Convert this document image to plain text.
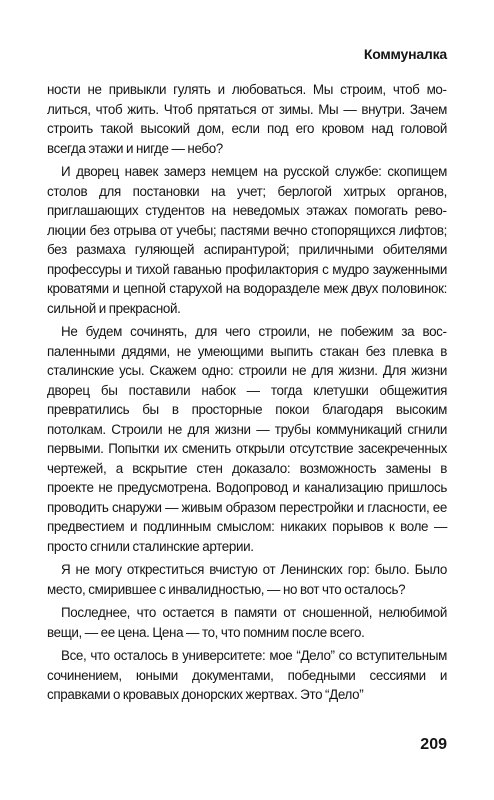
Коммуналка

ности не привыкли гулять и любоваться. Мы строим, чтоб молиться, чтоб жить. Чтоб прятаться от зимы. Мы — внутри. Зачем строить такой высокий дом, если под его кровом над головой всегда этажи и нигде — небо?

И дворец навек замерз немцем на русской службе: скопищем столов для постановки на учет; берлогой хитрых органов, приглашающих студентов на неведомых этажах помогать революции без отрыва от учебы; пастями вечно стопорящихся лифтов; без размаха гуляющей аспирантурой; приличными обителями профессуры и тихой гаванью профилактория с мудро зауженными кроватями и цепной старухой на водоразделе меж двух половинок: сильной и прекрасной.

Не будем сочинять, для чего строили, не побежим за воспаленными дядями, не умеющими выпить стакан без плевка в сталинские усы. Скажем одно: строили не для жизни. Для жизни дворец бы поставили набок — тогда клетушки общежития превратились бы в просторные покои благодаря высоким потолкам. Строили не для жизни — трубы коммуникаций сгнили первыми. Попытки их сменить открыли отсутствие засекреченных чертежей, а вскрытие стен доказало: возможность замены в проекте не предусмотрена. Водопровод и канализацию пришлось проводить снаружи — живым образом перестройки и гласности, ее предвестием и подлинным смыслом: никаких порывов к воле — просто сгнили сталинские артерии.

Я не могу откреститься вчистую от Ленинских гор: было. Было место, смирившее с инвалидностью, — но вот что осталось?

Последнее, что остается в памяти от сношенной, нелюбимой вещи, — ее цена. Цена — то, что помним после всего.

Все, что осталось в университете: мое “Дело” со вступительным сочинением, юными документами, победными сессиями и справками о кровавых донорских жертвах. Это “Дело”

209
